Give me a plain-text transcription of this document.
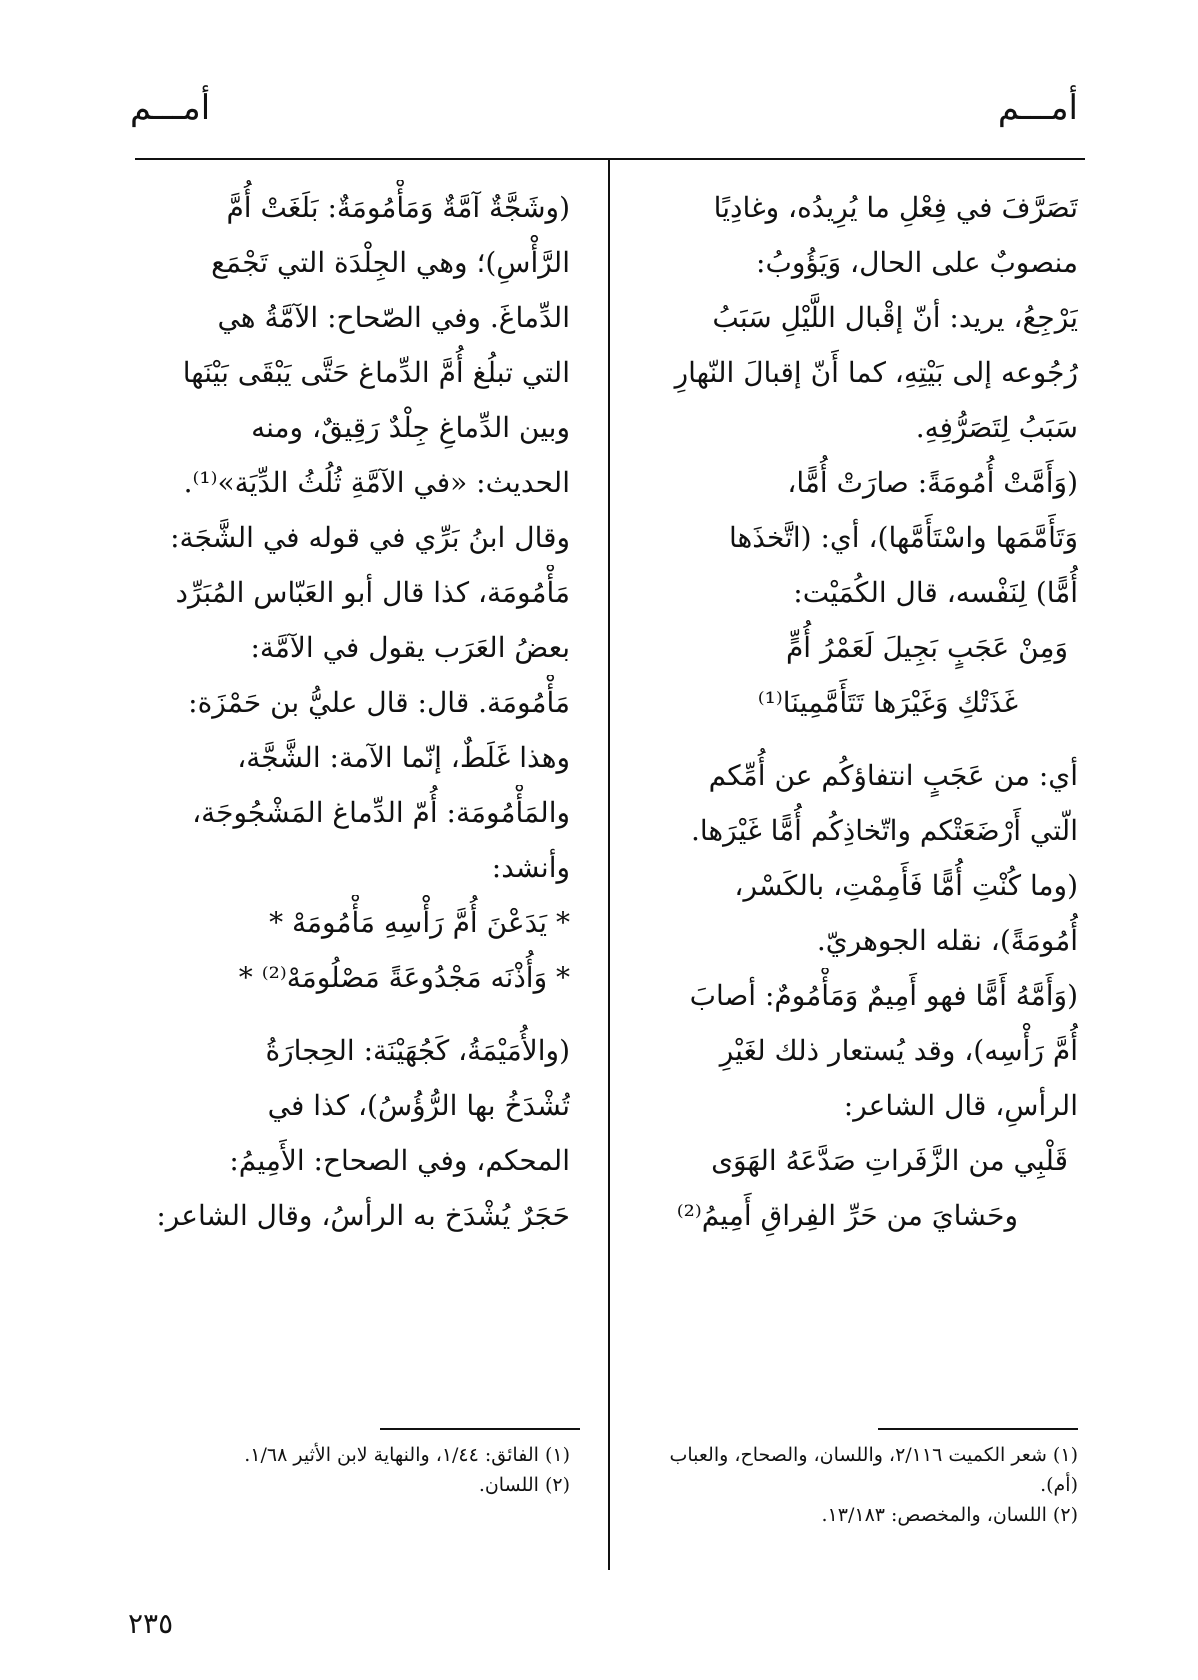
أمـــم
أمـــم

تَصَرَّفَ في فِعْلِ ما يُرِيدُه، وغادِيًا

منصوبٌ على الحال، وَيَؤُوبُ:

يَرْجِعُ، يريد: أنّ إقْبال اللَّيْلِ سَبَبُ

رُجُوعه إلى بَيْتِهِ، كما أَنّ إقبالَ النّهارِ

سَبَبُ لِتَصَرُّفِهِ.

(وَأَمَّتْ أُمُومَةً: صارَتْ أُمًّا،

وَتَأَمَّمَها واسْتَأَمَّها)، أي: (اتَّخذَها

أُمًّا) لِنَفْسه، قال الكُمَيْت:

وَمِنْ عَجَبٍ بَجِيلَ لَعَمْرُ أُمٍّ

غَذَتْكِ وَغَيْرَها تَتَأَمَّمِينَا⁽¹⁾

أي: من عَجَبٍ انتفاؤكُم عن أُمِّكم

الّتي أَرْضَعَتْكم واتّخاذِكُم أُمًّا غَيْرَها.

(وما كُنْتِ أُمًّا فَأَمِمْتِ، بالكَسْر،

أُمُومَةً)، نقله الجوهريّ.

(وَأَمَّهُ أَمًّا فهو أَمِيمٌ وَمَأْمُومٌ: أصابَ

أُمَّ رَأْسِه)، وقد يُستعار ذلك لغَيْرِ

الرأسِ، قال الشاعر:

قَلْبِي من الزَّفَراتِ صَدَّعَهُ الهَوَى

وحَشايَ من حَرِّ الفِراقِ أَمِيمُ⁽²⁾

(وشَجَّةٌ آمَّةٌ وَمَأْمُومَةٌ: بَلَغَتْ أُمَّ

الرَّأْسِ)؛ وهي الجِلْدَة التي تَجْمَع

الدِّماغَ. وفي الصّحاح: الآمَّةُ هي

التي تبلُغ أُمَّ الدِّماغ حَتَّى يَبْقَى بَيْنَها

وبين الدِّماغِ جِلْدٌ رَقِيقٌ، ومنه

الحديث: «في الآمَّةِ ثُلُثُ الدِّيَة»⁽¹⁾.

وقال ابنُ بَرِّي في قوله في الشَّجَة:

مَأْمُومَة، كذا قال أبو العَبّاس المُبَرِّد

بعضُ العَرَب يقول في الآمَّة:

مَأْمُومَة. قال: قال عليُّ بن حَمْزَة:

وهذا غَلَطٌ، إنّما الآمة: الشَّجَّة،

والمَأْمُومَة: أُمّ الدِّماغ المَشْجُوجَة،

وأنشد:

* يَدَعْنَ أُمَّ رَأْسِهِ مَأْمُومَهْ *

* وَأُذْنَه مَجْدُوعَةً مَصْلُومَهْ⁽²⁾ *

(والأُمَيْمَةُ، كَجُهَيْنَة: الحِجارَةُ

تُشْدَخُ بها الرُّؤُسُ)، كذا في

المحكم، وفي الصحاح: الأَمِيمُ:

حَجَرٌ يُشْدَخ به الرأسُ، وقال الشاعر:

(١) شعر الكميت ٢/١١٦، واللسان، والصحاح، والعباب

(أم).

(٢) اللسان، والمخصص: ١٣/١٨٣.

(١) الفائق: ١/٤٤، والنهاية لابن الأثير ١/٦٨.

(٢) اللسان.

٢٣٥
